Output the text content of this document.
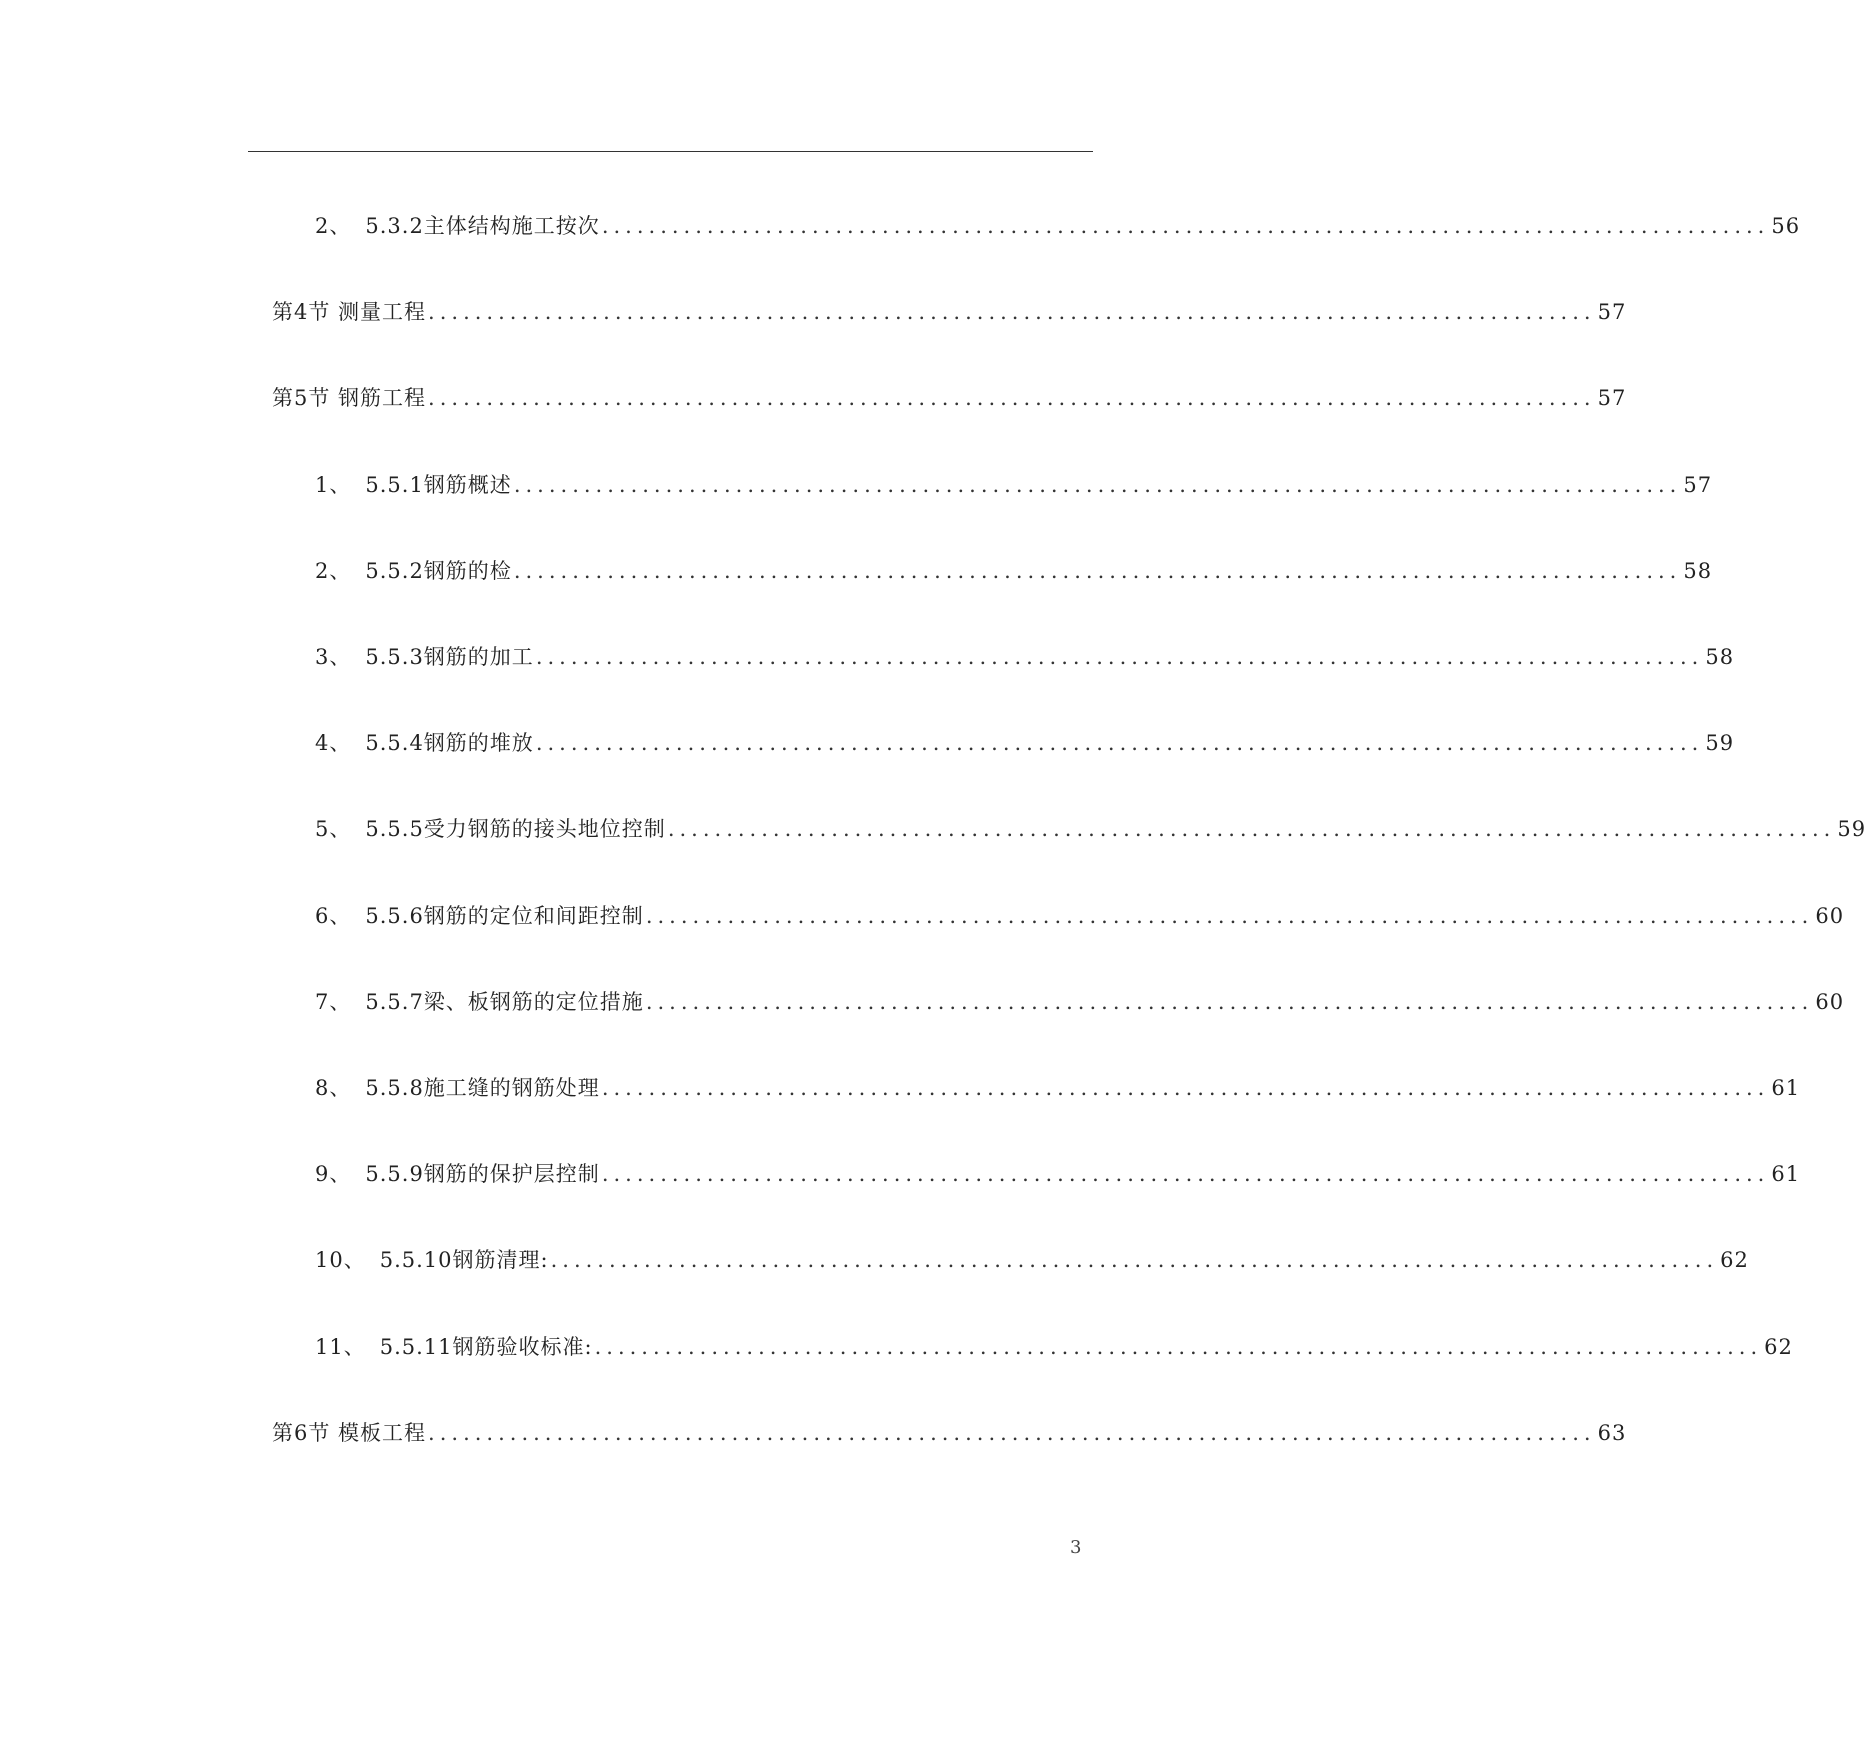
2、 5.3.2主体结构施工按次 .................................................................................................... 56
第4节 测量工程 .................................................................................................... 57
第5节 钢筋工程 .................................................................................................... 57
1、 5.5.1钢筋概述 .................................................................................................... 57
2、 5.5.2钢筋的检 .................................................................................................... 58
3、 5.5.3钢筋的加工 .................................................................................................... 58
4、 5.5.4钢筋的堆放 .................................................................................................... 59
5、 5.5.5受力钢筋的接头地位控制 .................................................................................................... 59
6、 5.5.6钢筋的定位和间距控制 .................................................................................................... 60
7、 5.5.7梁、板钢筋的定位措施 .................................................................................................... 60
8、 5.5.8施工缝的钢筋处理 .................................................................................................... 61
9、 5.5.9钢筋的保护层控制 .................................................................................................... 61
10、 5.5.10钢筋清理: .................................................................................................... 62
11、 5.5.11钢筋验收标准: .................................................................................................... 62
第6节 模板工程 .................................................................................................... 63
3
